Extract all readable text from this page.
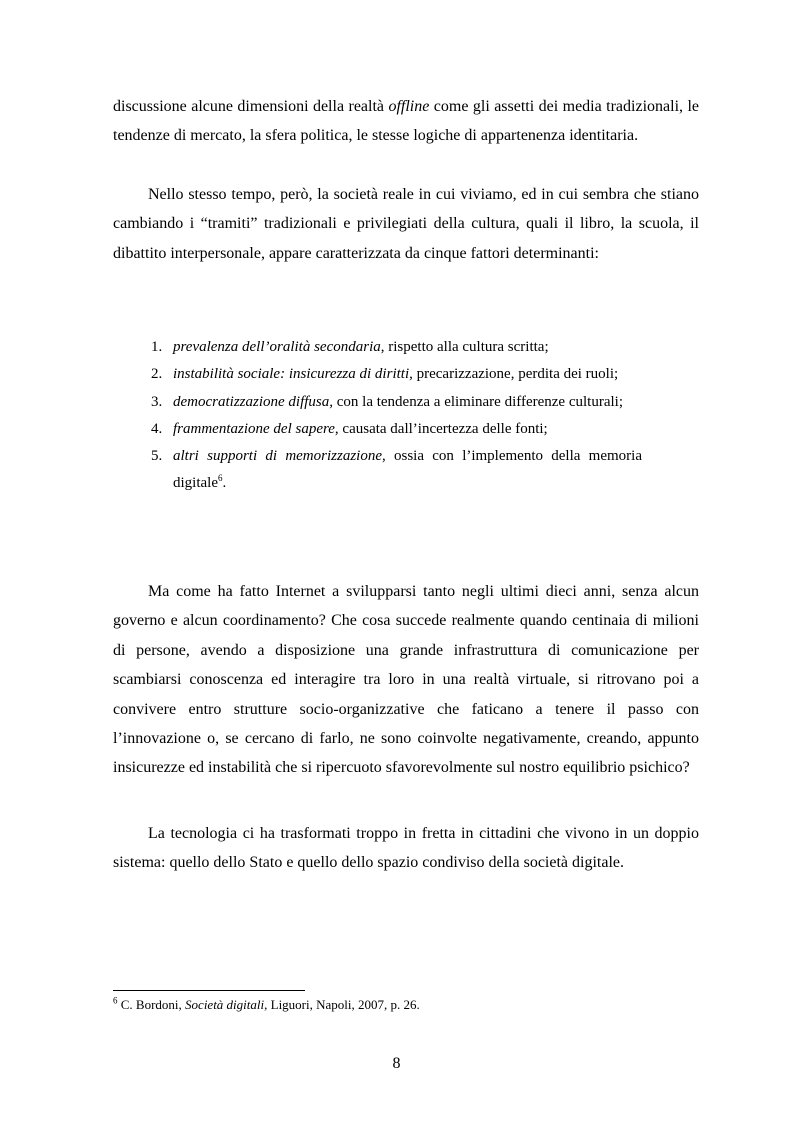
discussione alcune dimensioni della realtà offline come gli assetti dei media tradizionali, le tendenze di mercato, la sfera politica, le stesse logiche di appartenenza identitaria.

Nello stesso tempo, però, la società reale in cui viviamo, ed in cui sembra che stiano cambiando i “tramiti” tradizionali e privilegiati della cultura, quali il libro, la scuola, il dibattito interpersonale, appare caratterizzata da cinque fattori determinanti:

1. prevalenza dell’oralità secondaria, rispetto alla cultura scritta;
2. instabilità sociale: insicurezza di diritti, precarizzazione, perdita dei ruoli;
3. democratizzazione diffusa, con la tendenza a eliminare differenze culturali;
4. frammentazione del sapere, causata dall’incertezza delle fonti;
5. altri supporti di memorizzazione, ossia con l’implemento della memoria digitale$^6$.

Ma come ha fatto Internet a svilupparsi tanto negli ultimi dieci anni, senza alcun governo e alcun coordinamento? Che cosa succede realmente quando centinaia di milioni di persone, avendo a disposizione una grande infrastruttura di comunicazione per scambiarsi conoscenza ed interagire tra loro in una realtà virtuale, si ritrovano poi a convivere entro strutture socio-organizzative che faticano a tenere il passo con l’innovazione o, se cercano di farlo, ne sono coinvolte negativamente, creando, appunto insicurezze ed instabilità che si ripercuoto sfavorevolmente sul nostro equilibrio psichico?

La tecnologia ci ha trasformati troppo in fretta in cittadini che vivono in un doppio sistema: quello dello Stato e quello dello spazio condiviso della società digitale.

$^6$ C. Bordoni, Società digitali, Liguori, Napoli, 2007, p. 26.

8
